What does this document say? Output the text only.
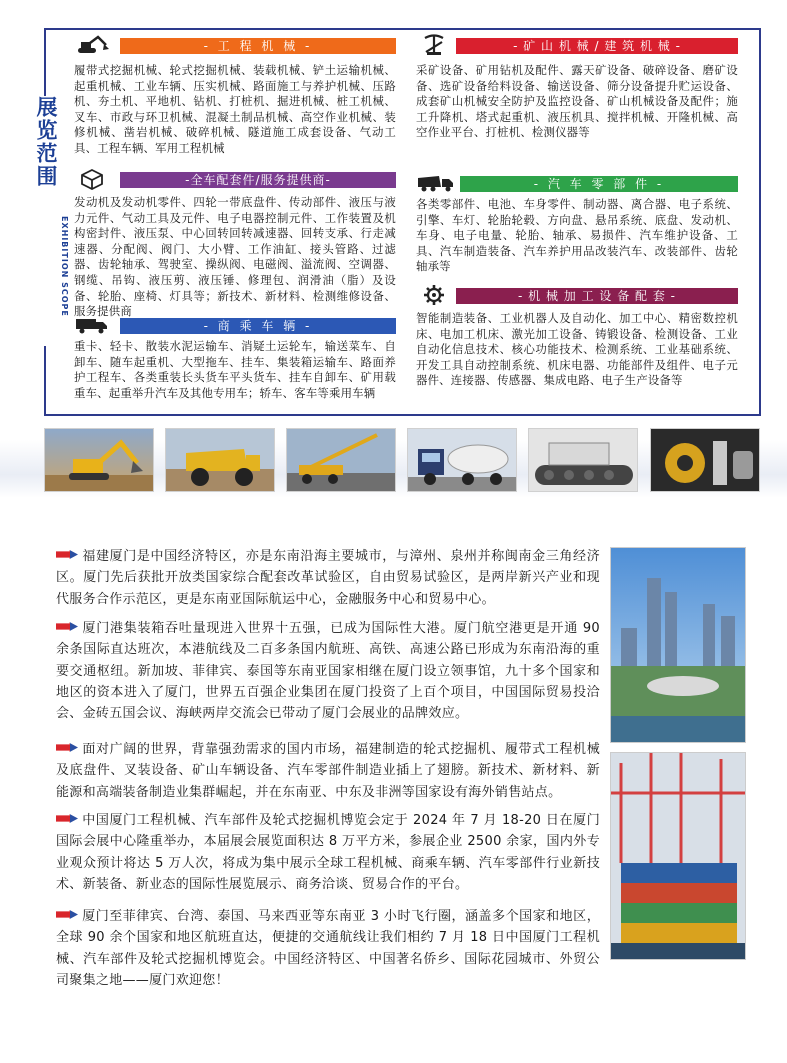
- 工 程 机 械 -
履带式挖掘机械、轮式挖掘机械、装载机械、铲土运输机械、起重机械、工业车辆、压实机械、路面施工与养护机械、压路机、夯土机、平地机、钻机、打桩机、掘进机械、桩工机械、叉车、市政与环卫机械、混凝土制品机械、高空作业机械、装修机械、凿岩机械、破碎机械、隧道施工成套设备、气动工具、工程车辆、军用工程机械
-全车配套件/服务提供商-
发动机及发动机零件、四轮一带底盘件、传动部件、液压与液力元件、气动工具及元件、电子电器控制元件、工作装置及机构密封件、液压泵、中心回转回转减速器、回转支承、行走减速器、分配阀、阀门、大小臂、工作油缸、接头管路、过滤器、齿轮轴承、驾驶室、操纵阀、电磁阀、溢流阀、空调器、钢缆、吊钩、液压剪、液压锤、修理包、润滑油（脂）及设备、轮胎、座椅、灯具等；新技术、新材料、检测维修设备、服务提供商
- 商 乘 车 辆 -
重卡、轻卡、散装水泥运输车、消疑土运轮车，输送菜车、自卸车、随车起重机、大型拖车、挂车、集装箱运输车、路面养护工程车、各类重装长头货车平头货车、挂车自卸车、矿用载重车、起重举升汽车及其他专用车；轿车、客车等乘用车辆
- 矿 山 机 械 / 建 筑 机 械 -
采矿设备、矿用钻机及配件、露天矿设备、破碎设备、磨矿设备、选矿设备给料设备、输送设备、筛分设备提升贮运设备、成套矿山机械安全防护及监控设备、矿山机械设备及配件；施工升降机、塔式起重机、液压机具、搅拌机械、开隆机械、高空作业平台、打桩机、检测仪器等
- 汽 车 零 部 件 -
各类零部件、电池、车身零件、制动器、离合器、电子系统、引擎、车灯、轮胎轮毂、方向盘、悬吊系统、底盘、发动机、车身、电子电量、轮胎、轴承、易损件、汽车维护设备、工具、汽车制造装备、汽车养护用品改装汽车、改装部件、齿轮轴承等
- 机 械 加 工 设 备 配 套 -
智能制造装备、工业机器人及自动化、加工中心、精密数控机床、电加工机床、激光加工设备、铸锻设备、检测设备、工业自动化信息技术、核心功能技术、检测系统、工业基础系统、开发工具自动控制系统、机床电器、功能部件及组件、电子元器件、连接器、传感器、集成电路、电子生产设备等
展览范围
EXHIBITION SCOPE
福建厦门是中国经济特区，亦是东南沿海主要城市，与漳州、泉州并称闽南金三角经济区。厦门先后获批开放类国家综合配套改革试验区，自由贸易试验区，是两岸新兴产业和现代服务合作示范区，更是东南亚国际航运中心，金融服务中心和贸易中心。
厦门港集装箱吞吐量现进入世界十五强，已成为国际性大港。厦门航空港更是开通 90 余条国际直达班次，本港航线及二百多条国内航班、高铁、高速公路已形成为东南沿海的重要交通枢纽。新加坡、菲律宾、泰国等东南亚国家相继在厦门设立领事馆，九十多个国家和地区的资本进入了厦门，世界五百强企业集团在厦门投资了上百个项目，中国国际贸易投洽会、金砖五国会议、海峡两岸交流会已带动了厦门会展业的品牌效应。
面对广阔的世界，背靠强劲需求的国内市场，福建制造的轮式挖掘机、履带式工程机械及底盘件、叉装设备、矿山车辆设备、汽车零部件制造业插上了翅膀。新技术、新材料、新能源和高端装备制造业集群崛起，并在东南亚、中东及非洲等国家设有海外销售站点。
中国厦门工程机械、汽车部件及轮式挖掘机博览会定于 2024 年 7 月 18-20 日在厦门国际会展中心隆重举办，本届展会展览面积达 8 万平方米，参展企业 2500 余家，国内外专业观众预计将达 5 万人次，将成为集中展示全球工程机械、商乘车辆、汽车零部件行业新技术、新装备、新业态的国际性展览展示、商务洽谈、贸易合作的平台。
厦门至菲律宾、台湾、泰国、马来西亚等东南亚 3 小时飞行圈，涵盖多个国家和地区，全球 90 余个国家和地区航班直达，便捷的交通航线让我们相约 7 月 18 日中国厦门工程机械、汽车部件及轮式挖掘机博览会。中国经济特区、中国著名侨乡、国际花园城市、外贸公司聚集之地——厦门欢迎您！
